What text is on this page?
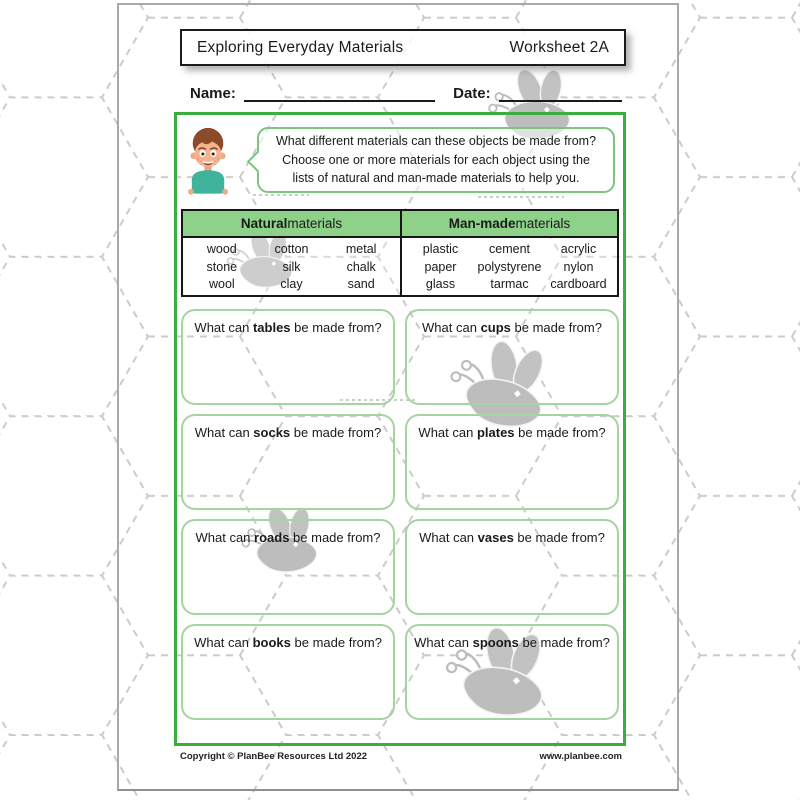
Exploring Everyday Materials	Worksheet 2A
Name:	Date:
What different materials can these objects be made from? Choose one or more materials for each object using the lists of natural and man-made materials to help you.
Natural materials
wood	cotton	metal
stone	silk	chalk
wool	clay	sand
Man-made materials
plastic cement acrylic
paper polystyrene nylon
glass	tarmac cardboard
What can tables be made from?	What can cups be made from?
What can socks be made from?	What can plates be made from?
What can roads be made from?	What can vases be made from?
What can books be made from?	What can spoons be made from?
Copyright © PlanBee Resources Ltd 2022	www.planbee.com
